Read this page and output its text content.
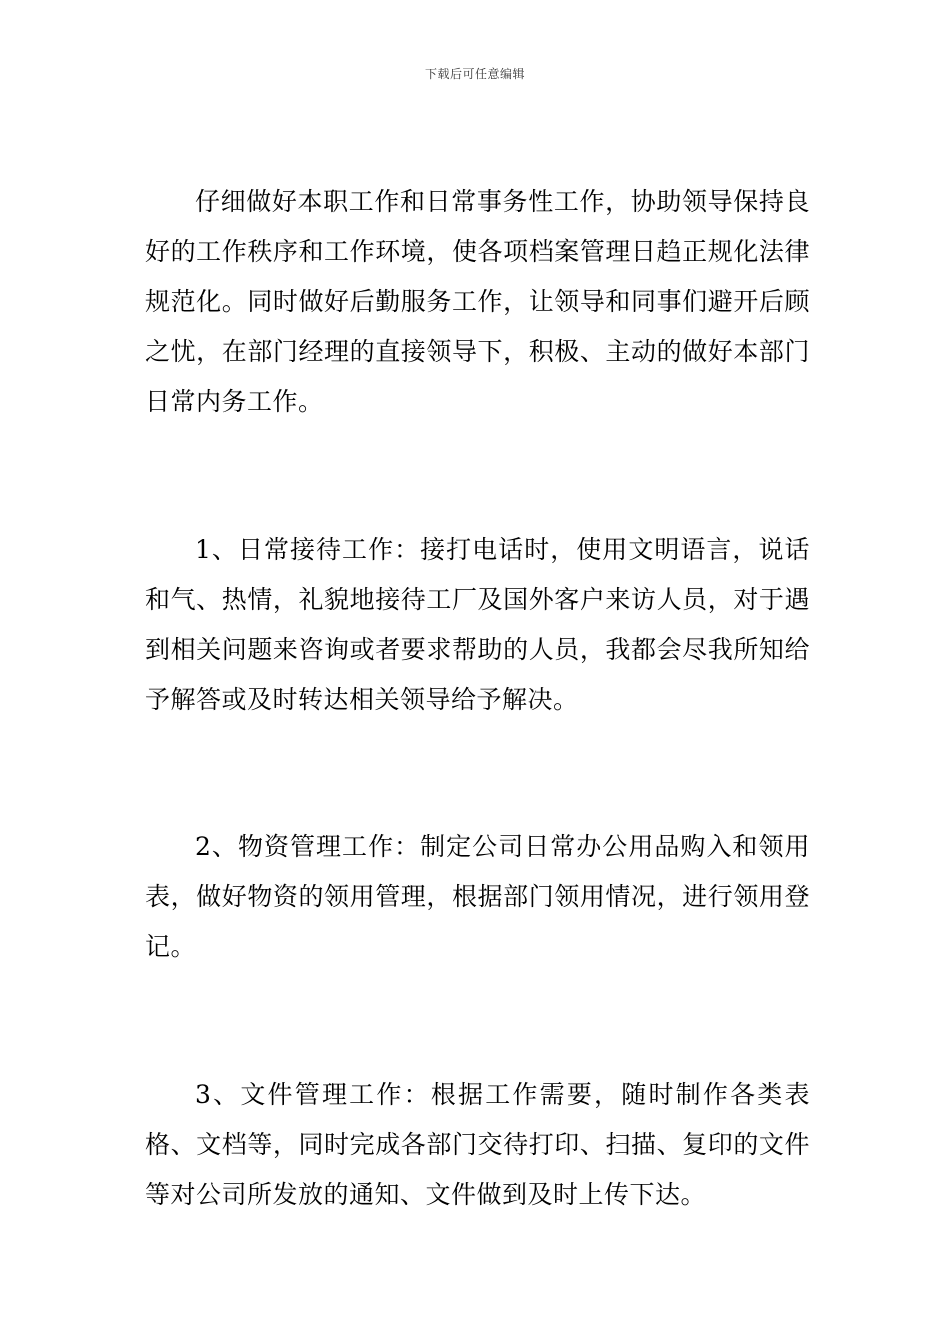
下载后可任意编辑

仔细做好本职工作和日常事务性工作，协助领导保持良好的工作秩序和工作环境，使各项档案管理日趋正规化法律规范化。同时做好后勤服务工作，让领导和同事们避开后顾之忧，在部门经理的直接领导下，积极、主动的做好本部门日常内务工作。

1、日常接待工作：接打电话时，使用文明语言，说话和气、热情，礼貌地接待工厂及国外客户来访人员，对于遇到相关问题来咨询或者要求帮助的人员，我都会尽我所知给予解答或及时转达相关领导给予解决。

2、物资管理工作：制定公司日常办公用品购入和领用表，做好物资的领用管理，根据部门领用情况，进行领用登记。

3、文件管理工作：根据工作需要，随时制作各类表格、文档等，同时完成各部门交待打印、扫描、复印的文件等对公司所发放的通知、文件做到及时上传下达。
